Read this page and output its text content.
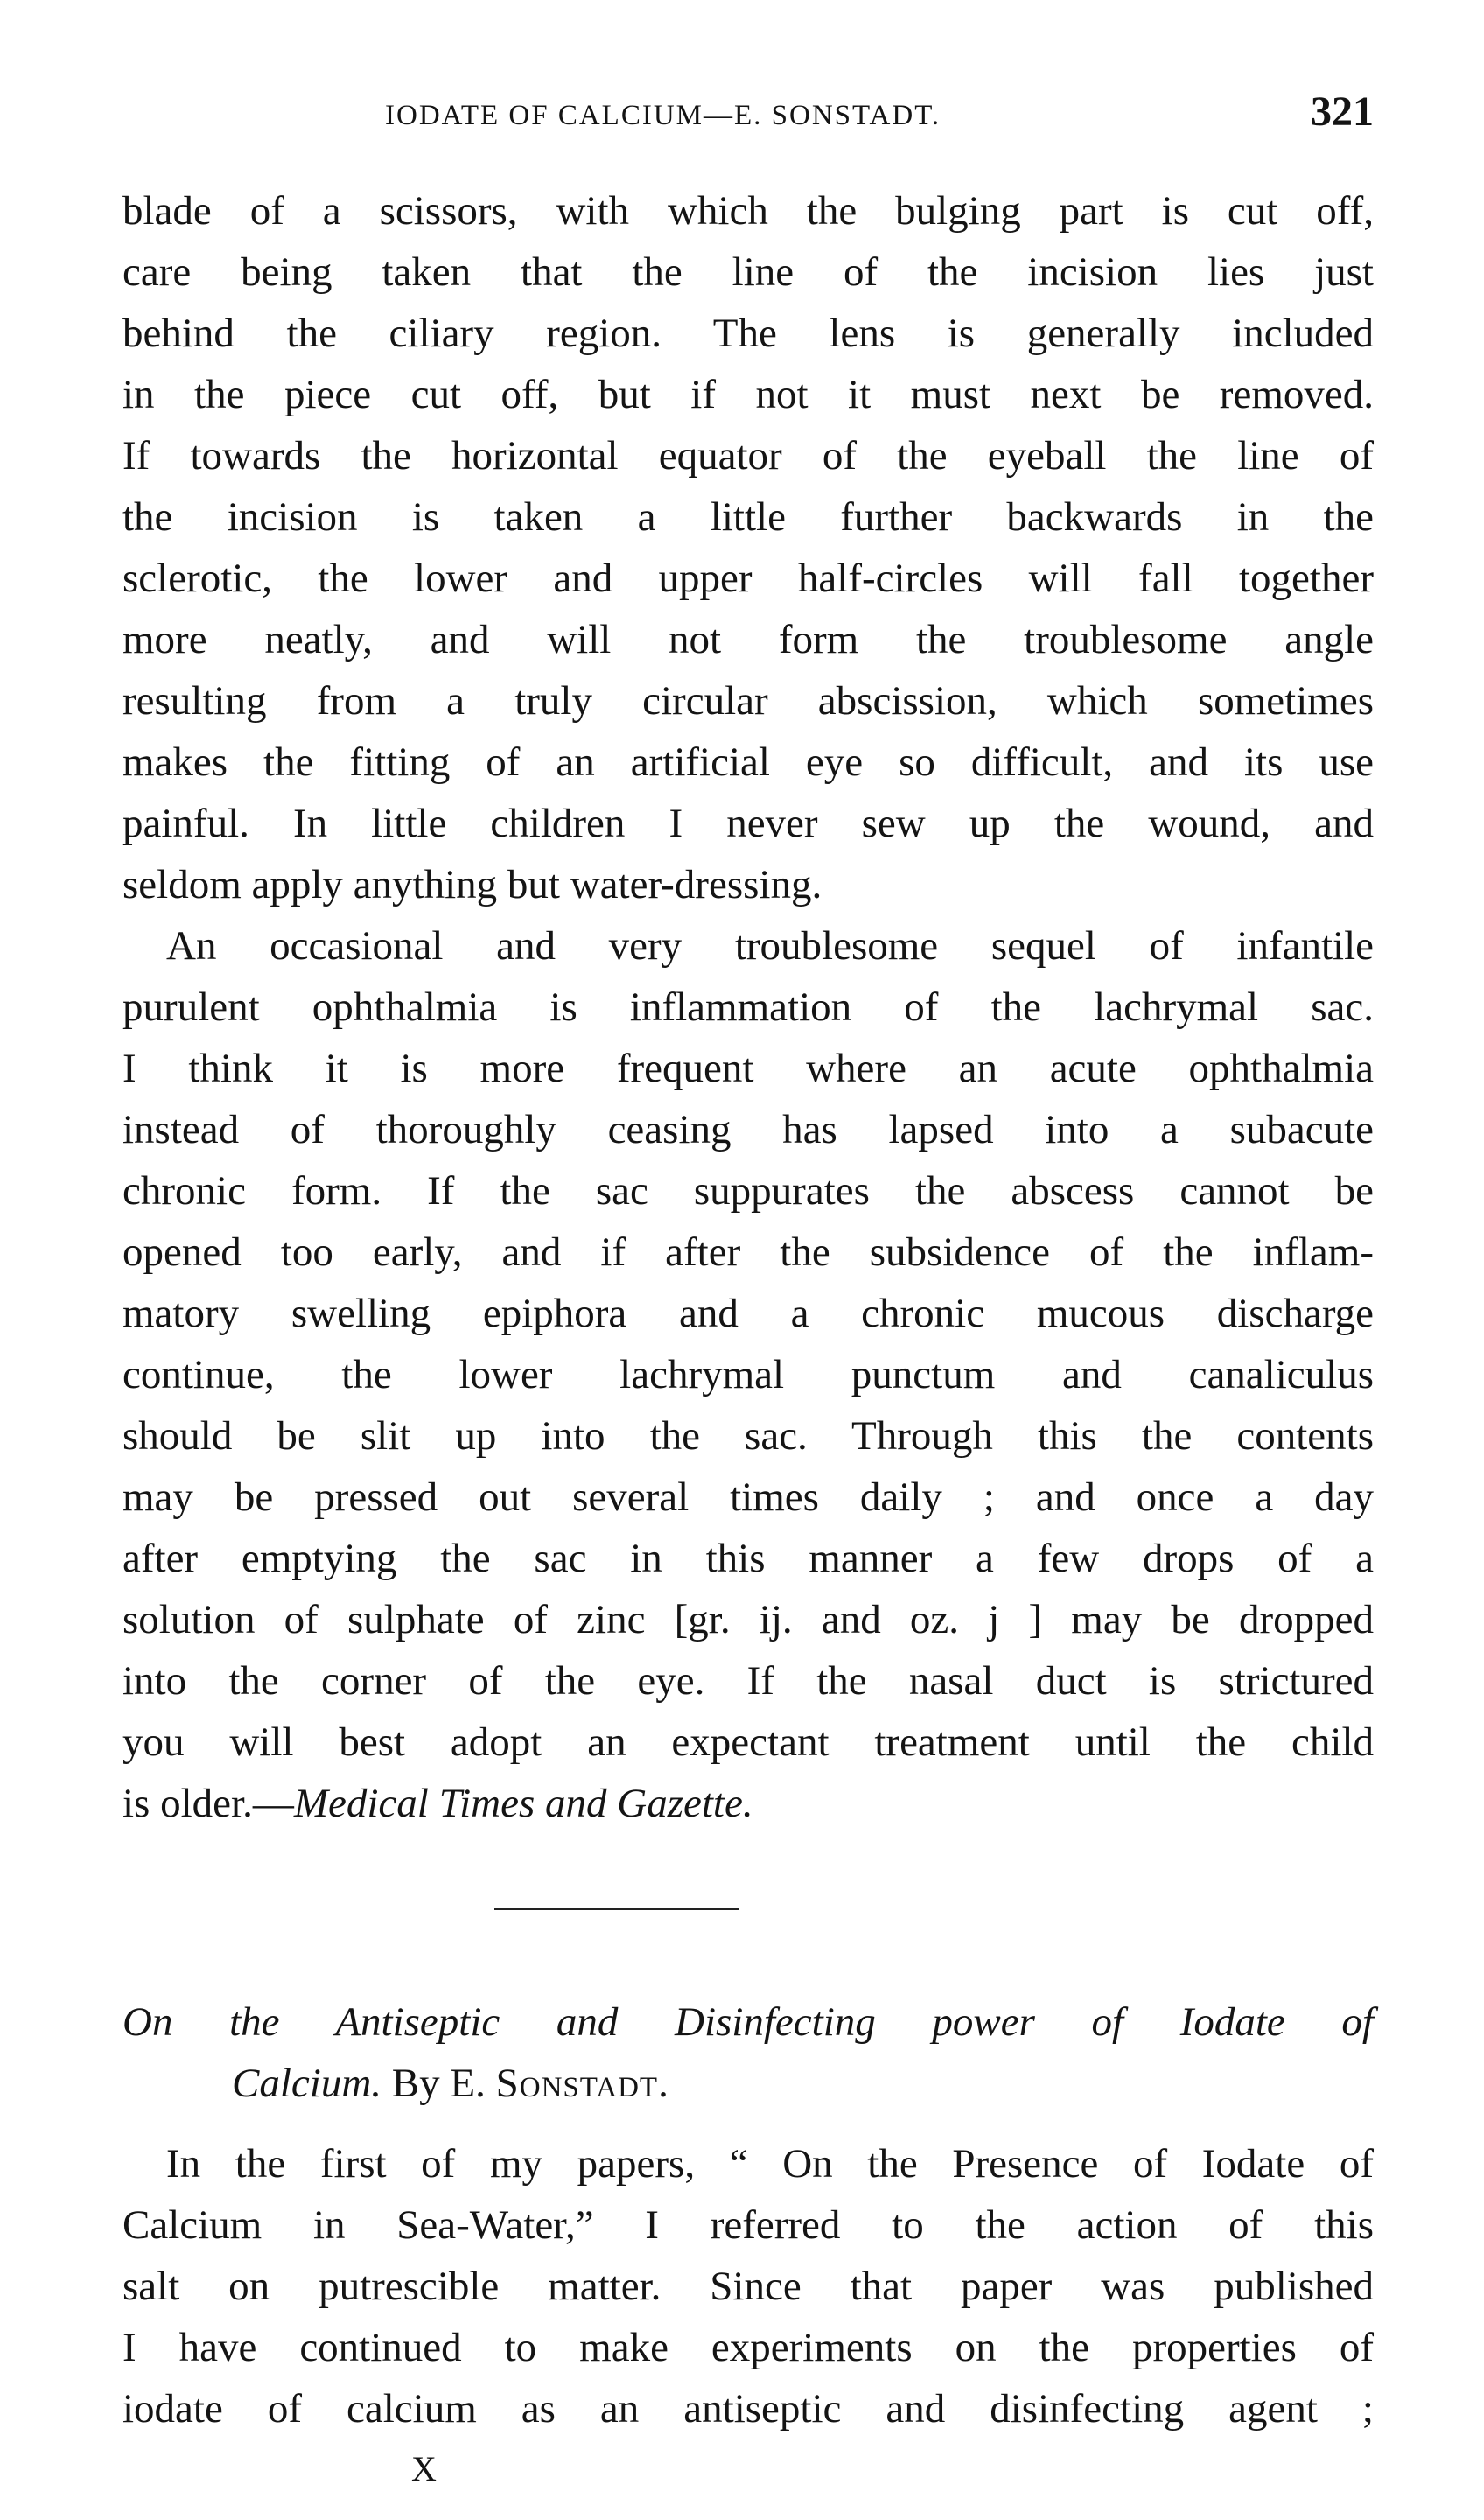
IODATE OF CALCIUM—E. SONSTADT.	321
blade of a scissors, with which the bulging part is cut off,
care being taken that the line of the incision lies just
behind the ciliary region. The lens is generally included
in the piece cut off, but if not it must next be removed.
If towards the horizontal equator of the eyeball the line of
the incision is taken a little further backwards in the
sclerotic, the lower and upper half-circles will fall together
more neatly, and will not form the troublesome angle
resulting from a truly circular abscission, which sometimes
makes the fitting of an artificial eye so difficult, and its use
painful. In little children I never sew up the wound, and
seldom apply anything but water-dressing.
An occasional and very troublesome sequel of infantile
purulent ophthalmia is inflammation of the lachrymal sac.
I think it is more frequent where an acute ophthalmia
instead of thoroughly ceasing has lapsed into a subacute
chronic form. If the sac suppurates the abscess cannot be
opened too early, and if after the subsidence of the inflam-
matory swelling epiphora and a chronic mucous discharge
continue, the lower lachrymal punctum and canaliculus
should be slit up into the sac. Through this the contents
may be pressed out several times daily ; and once a day
after emptying the sac in this manner a few drops of a
solution of sulphate of zinc [gr. ij. and oz. j ] may be dropped
into the corner of the eye. If the nasal duct is strictured
you will best adopt an expectant treatment until the child
is older.—Medical Times and Gazette.
On the Antiseptic and Disinfecting power of Iodate of
Calcium. By E. Sonstadt.
In the first of my papers, “ On the Presence of Iodate of
Calcium in Sea-Water,” I referred to the action of this
salt on putrescible matter. Since that paper was published
I have continued to make experiments on the properties of
iodate of calcium as an antiseptic and disinfecting agent ;
X
